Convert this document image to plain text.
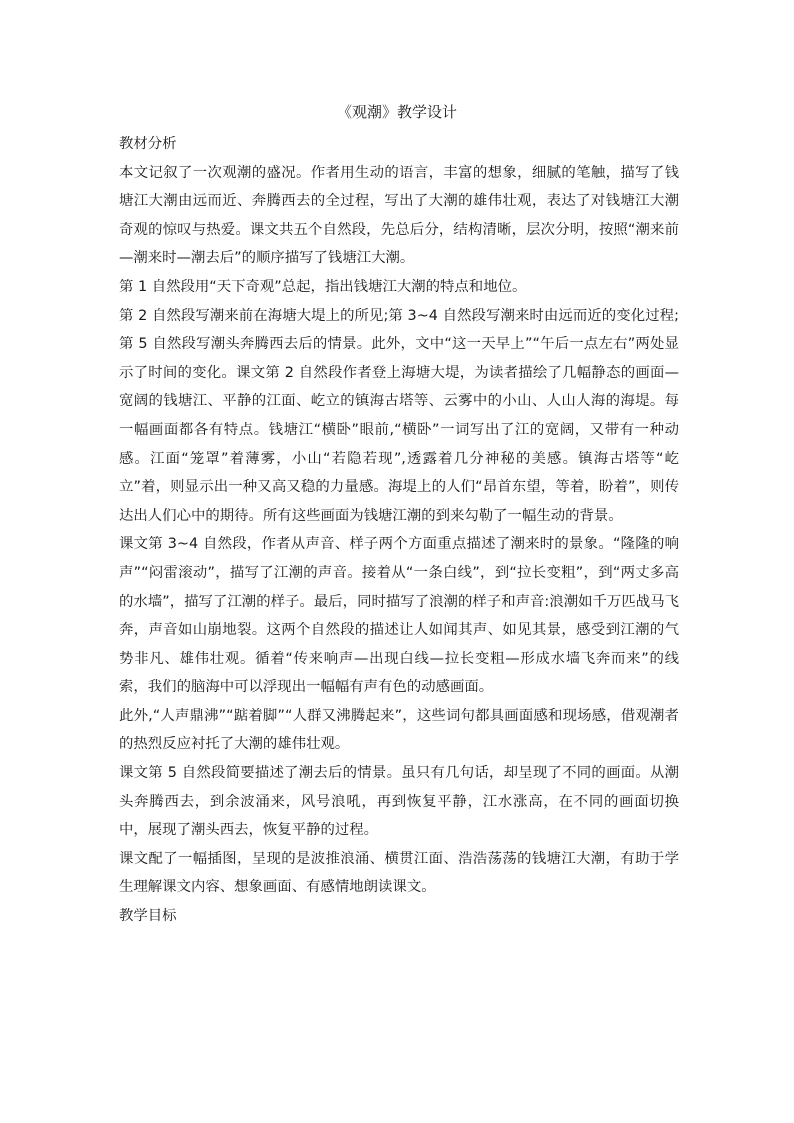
《观潮》教学设计

教材分析

本文记叙了一次观潮的盛况。作者用生动的语言，丰富的想象，细腻的笔触，描写了钱塘江大潮由远而近、奔腾西去的全过程，写出了大潮的雄伟壮观，表达了对钱塘江大潮奇观的惊叹与热爱。课文共五个自然段，先总后分，结构清晰，层次分明，按照“潮来前—潮来时—潮去后”的顺序描写了钱塘江大潮。

第 1 自然段用“天下奇观”总起，指出钱塘江大潮的特点和地位。

第 2 自然段写潮来前在海塘大堤上的所见;第 3~4 自然段写潮来时由远而近的变化过程;第 5 自然段写潮头奔腾西去后的情景。此外，文中“这一天早上”“午后一点左右”两处显示了时间的变化。课文第 2 自然段作者登上海塘大堤，为读者描绘了几幅静态的画面—宽阔的钱塘江、平静的江面、屹立的镇海古塔等、云雾中的小山、人山人海的海堤。每一幅画面都各有特点。钱塘江“横卧”眼前,“横卧”一词写出了江的宽阔，又带有一种动感。江面“笼罩”着薄雾，小山“若隐若现”,透露着几分神秘的美感。镇海古塔等“屹立”着，则显示出一种又高又稳的力量感。海堤上的人们“昂首东望，等着，盼着”，则传达出人们心中的期待。所有这些画面为钱塘江潮的到来勾勒了一幅生动的背景。

课文第 3~4 自然段，作者从声音、样子两个方面重点描述了潮来时的景象。“隆隆的响声”“闷雷滚动”，描写了江潮的声音。接着从“一条白线”，到“拉长变粗”，到“两丈多高的水墙”，描写了江潮的样子。最后，同时描写了浪潮的样子和声音:浪潮如千万匹战马飞奔，声音如山崩地裂。这两个自然段的描述让人如闻其声、如见其景，感受到江潮的气势非凡、雄伟壮观。循着“传来响声—出现白线—拉长变粗—形成水墙飞奔而来”的线索，我们的脑海中可以浮现出一幅幅有声有色的动感画面。

此外,“人声鼎沸”“踮着脚”“人群又沸腾起来”，这些词句都具画面感和现场感，借观潮者的热烈反应衬托了大潮的雄伟壮观。

课文第 5 自然段简要描述了潮去后的情景。虽只有几句话，却呈现了不同的画面。从潮头奔腾西去，到余波涌来，风号浪吼，再到恢复平静，江水涨高，在不同的画面切换中，展现了潮头西去，恢复平静的过程。

课文配了一幅插图，呈现的是波推浪涌、横贯江面、浩浩荡荡的钱塘江大潮，有助于学生理解课文内容、想象画面、有感情地朗读课文。

教学目标
